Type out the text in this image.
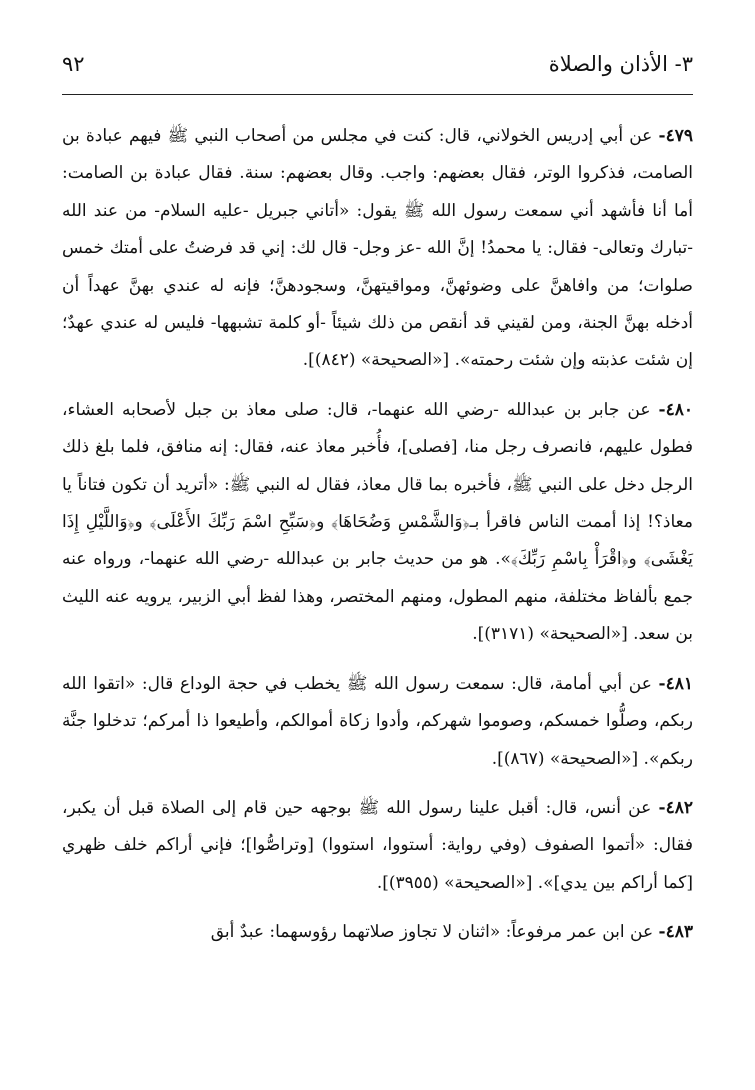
٣- الأذان والصلاة
٩٢

٤٧٩- عن أبي إدريس الخولاني، قال: كنت في مجلس من أصحاب النبي ﷺ فيهم عبادة بن الصامت، فذكروا الوتر، فقال بعضهم: واجب. وقال بعضهم: سنة. فقال عبادة بن الصامت: أما أنا فأشهد أني سمعت رسول الله ﷺ يقول: «أتاني جبريل -عليه السلام- من عند الله -تبارك وتعالى- فقال: يا محمدُ! إنَّ الله -عز وجل- قال لك: إني قد فرضتُ على أمتك خمس صلوات؛ من وافاهنَّ على وضوئهنَّ، ومواقيتهنَّ، وسجودهنَّ؛ فإنه له عندي بهنَّ عهداً أن أدخله بهنَّ الجنة، ومن لقيني قد أنقص من ذلك شيئاً -أو كلمة تشبهها- فليس له عندي عهدٌ؛ إن شئت عذبته وإن شئت رحمته». [«الصحيحة» (٨٤٢)].

٤٨٠- عن جابر بن عبدالله -رضي الله عنهما-، قال: صلى معاذ بن جبل لأصحابه العشاء، فطول عليهم، فانصرف رجل منا، [فصلى]، فأُخبر معاذ عنه، فقال: إنه منافق، فلما بلغ ذلك الرجل دخل على النبي ﷺ، فأخبره بما قال معاذ، فقال له النبي ﷺ: «أتريد أن تكون فتاناً يا معاذ؟! إذا أممت الناس فاقرأ بـ﴿وَالشَّمْسِ وَضُحَاهَا﴾ و﴿سَبِّحِ اسْمَ رَبِّكَ الأَعْلَى﴾ و﴿وَاللَّيْلِ إِذَا يَغْشَى﴾ و﴿اقْرَأْ بِاسْمِ رَبِّكَ﴾». هو من حديث جابر بن عبدالله -رضي الله عنهما-، ورواه عنه جمع بألفاظ مختلفة، منهم المطول، ومنهم المختصر، وهذا لفظ أبي الزبير، يرويه عنه الليث بن سعد. [«الصحيحة» (٣١٧١)].

٤٨١- عن أبي أمامة، قال: سمعت رسول الله ﷺ يخطب في حجة الوداع قال: «اتقوا الله ربكم، وصلُّوا خمسكم، وصوموا شهركم، وأدوا زكاة أموالكم، وأطيعوا ذا أمركم؛ تدخلوا جنَّة ربكم». [«الصحيحة» (٨٦٧)].

٤٨٢- عن أنس، قال: أقبل علينا رسول الله ﷺ بوجهه حين قام إلى الصلاة قبل أن يكبر، فقال: «أتموا الصفوف (وفي رواية: أستووا، استووا) [وتراصُّوا]؛ فإني أراكم خلف ظهري [كما أراكم بين يدي]». [«الصحيحة» (٣٩٥٥)].

٤٨٣- عن ابن عمر مرفوعاً: «اثنان لا تجاوز صلاتهما رؤوسهما: عبدٌ أبق
